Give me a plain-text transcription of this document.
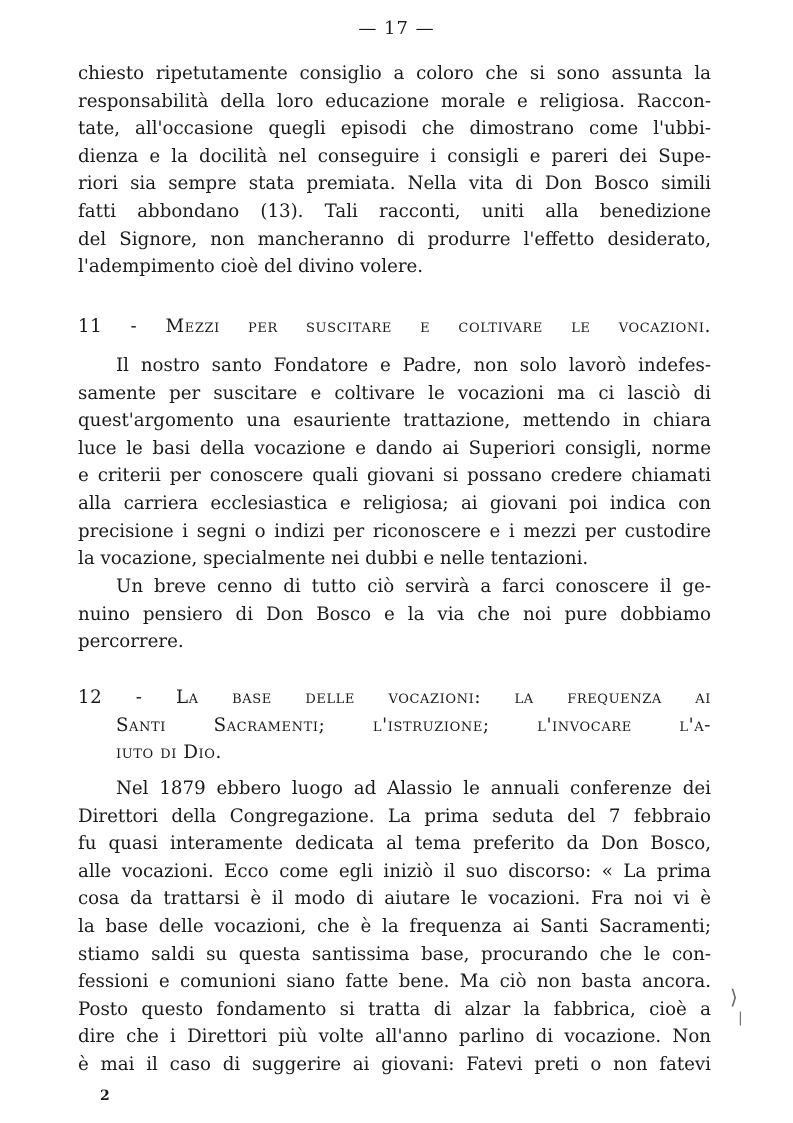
— 17 —
chiesto ripetutamente consiglio a coloro che si sono assunta la
responsabilità della loro educazione morale e religiosa. Raccon-
tate, all'occasione quegli episodi che dimostrano come l'ubbi-
dienza e la docilità nel conseguire i consigli e pareri dei Supe-
riori sia sempre stata premiata. Nella vita di Don Bosco simili
fatti abbondano (13). Tali racconti, uniti alla benedizione
del Signore, non mancheranno di produrre l'effetto desiderato,
l'adempimento cioè del divino volere.
11 - Mezzi per suscitare e coltivare le vocazioni.
Il nostro santo Fondatore e Padre, non solo lavorò indefes-
samente per suscitare e coltivare le vocazioni ma ci lasciò di
quest'argomento una esauriente trattazione, mettendo in chiara
luce le basi della vocazione e dando ai Superiori consigli, norme
e criterii per conoscere quali giovani si possano credere chiamati
alla carriera ecclesiastica e religiosa; ai giovani poi indica con
precisione i segni o indizi per riconoscere e i mezzi per custodire
la vocazione, specialmente nei dubbi e nelle tentazioni.
Un breve cenno di tutto ciò servirà a farci conoscere il ge-
nuino pensiero di Don Bosco e la via che noi pure dobbiamo
percorrere.
12 - La base delle vocazioni: la frequenza ai
Santi Sacramenti; l'istruzione; l'invocare l'a-
iuto di Dio.
Nel 1879 ebbero luogo ad Alassio le annuali conferenze dei
Direttori della Congregazione. La prima seduta del 7 febbraio
fu quasi interamente dedicata al tema preferito da Don Bosco,
alle vocazioni. Ecco come egli iniziò il suo discorso: « La prima
cosa da trattarsi è il modo di aiutare le vocazioni. Fra noi vi è
la base delle vocazioni, che è la frequenza ai Santi Sacramenti;
stiamo saldi su questa santissima base, procurando che le con-
fessioni e comunioni siano fatte bene. Ma ciò non basta ancora.
Posto questo fondamento si tratta di alzar la fabbrica, cioè a
dire che i Direttori più volte all'anno parlino di vocazione. Non
è mai il caso di suggerire ai giovani: Fatevi preti o non fatevi
⟩
|
2
